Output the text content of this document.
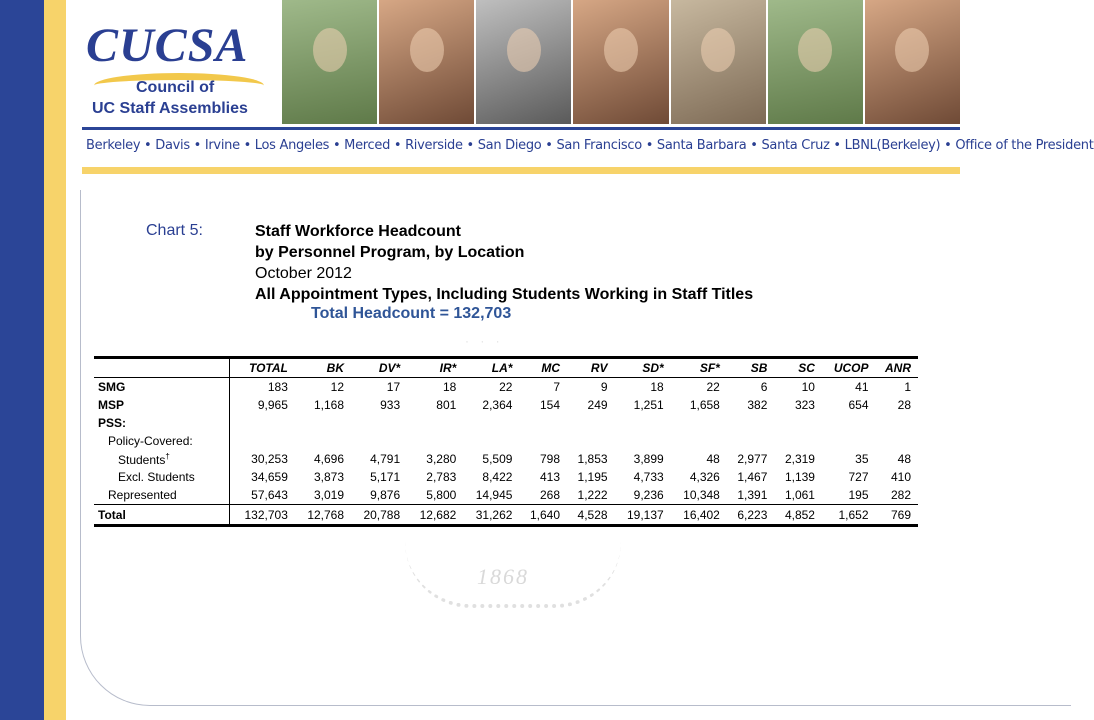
CUCSA
Council of
UC Staff Assemblies
Berkeley • Davis • Irvine • Los Angeles • Merced • Riverside • San Diego • San Francisco • Santa Barbara • Santa Cruz • LBNL(Berkeley) • Office of the President
· · ·
1868
Chart 5:	Staff Workforce Headcount
by Personnel Program, by Location
October 2012
All Appointment Types, Including Students Working in Staff Titles
Total Headcount = 132,703
	TOTAL	BK	DV*	IR*	LA*	MC	RV	SD*	SF*	SB	SC	UCOP	ANR
SMG	183	12	17	18	22	7	9	18	22	6	10	41	1
MSP	9,965	1,168	933	801	2,364	154	249	1,251	1,658	382	323	654	28
PSS:													
Policy-Covered:													
Students†	30,253	4,696	4,791	3,280	5,509	798	1,853	3,899	48	2,977	2,319	35	48
Excl. Students	34,659	3,873	5,171	2,783	8,422	413	1,195	4,733	4,326	1,467	1,139	727	410
Represented	57,643	3,019	9,876	5,800	14,945	268	1,222	9,236	10,348	1,391	1,061	195	282
Total	132,703	12,768	20,788	12,682	31,262	1,640	4,528	19,137	16,402	6,223	4,852	1,652	769
